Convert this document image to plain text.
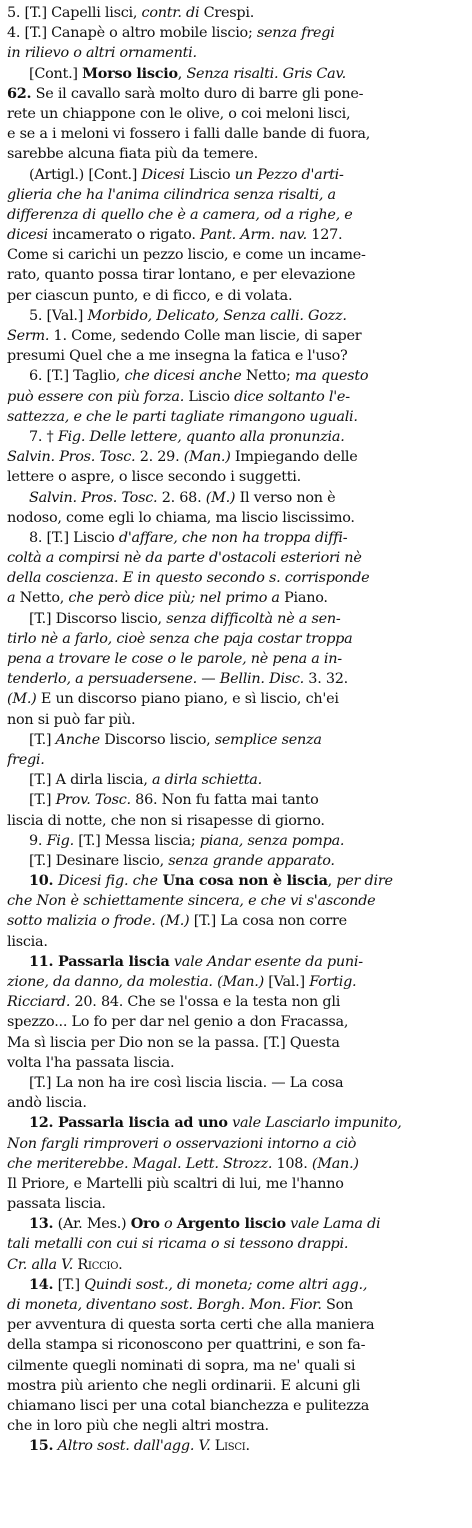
5. [T.] Capelli lisci, contr. di Crespi.
4. [T.] Canapè o altro mobile liscio; senza fregi
in rilievo o altri ornamenti.
[Cont.] Morso liscio, Senza risalti. Gris Cav.
62. Se il cavallo sarà molto duro di barre gli pone-
rete un chiappone con le olive, o coi meloni lisci,
e se a i meloni vi fossero i falli dalle bande di fuora,
sarebbe alcuna fiata più da temere.
(Artigl.) [Cont.] Dicesi Liscio un Pezzo d'arti-
glieria che ha l'anima cilindrica senza risalti, a
differenza di quello che è a camera, od a righe, e
dicesi incamerato o rigato. Pant. Arm. nav. 127.
Come si carichi un pezzo liscio, e come un incame-
rato, quanto possa tirar lontano, e per elevazione
per ciascun punto, e di ficco, e di volata.
5. [Val.] Morbido, Delicato, Senza calli. Gozz.
Serm. 1. Come, sedendo Colle man liscie, di saper
presumi Quel che a me insegna la fatica e l'uso?
6. [T.] Taglio, che dicesi anche Netto; ma questo
può essere con più forza. Liscio dice soltanto l'e-
sattezza, e che le parti tagliate rimangono uguali.
7. † Fig. Delle lettere, quanto alla pronunzia.
Salvin. Pros. Tosc. 2. 29. (Man.) Impiegando delle
lettere o aspre, o lisce secondo i suggetti.
Salvin. Pros. Tosc. 2. 68. (M.) Il verso non è
nodoso, come egli lo chiama, ma liscio liscissimo.
8. [T.] Liscio d'affare, che non ha troppa diffi-
coltà a compirsi nè da parte d'ostacoli esteriori nè
della coscienza. E in questo secondo s. corrisponde
a Netto, che però dice più; nel primo a Piano.
[T.] Discorso liscio, senza difficoltà nè a sen-
tirlo nè a farlo, cioè senza che paja costar troppa
pena a trovare le cose o le parole, nè pena a in-
tenderlo, a persuadersene. — Bellin. Disc. 3. 32.
(M.) E un discorso piano piano, e sì liscio, ch'ei
non si può far più.
[T.] Anche Discorso liscio, semplice senza
fregi.
[T.] A dirla liscia, a dirla schietta.
[T.] Prov. Tosc. 86. Non fu fatta mai tanto
liscia di notte, che non si risapesse di giorno.
9. Fig. [T.] Messa liscia; piana, senza pompa.
[T.] Desinare liscio, senza grande apparato.
10. Dicesi fig. che Una cosa non è liscia, per dire
che Non è schiettamente sincera, e che vi s'asconde
sotto malizia o frode. (M.) [T.] La cosa non corre
liscia.
11. Passarla liscia vale Andar esente da puni-
zione, da danno, da molestia. (Man.) [Val.] Fortig.
Ricciard. 20. 84. Che se l'ossa e la testa non gli
spezzo... Lo fo per dar nel genio a don Fracassa,
Ma sì liscia per Dio non se la passa. [T.] Questa
volta l'ha passata liscia.
[T.] La non ha ire così liscia liscia. — La cosa
andò liscia.
12. Passarla liscia ad uno vale Lasciarlo impunito,
Non fargli rimproveri o osservazioni intorno a ciò
che meriterebbe. Magal. Lett. Strozz. 108. (Man.)
Il Priore, e Martelli più scaltri di lui, me l'hanno
passata liscia.
13. (Ar. Mes.) Oro o Argento liscio vale Lama di
tali metalli con cui si ricama o si tessono drappi.
Cr. alla V. Riccio.
14. [T.] Quindi sost., di moneta; come altri agg.,
di moneta, diventano sost. Borgh. Mon. Fior. Son
per avventura di questa sorta certi che alla maniera
della stampa si riconoscono per quattrini, e son fa-
cilmente quegli nominati di sopra, ma ne' quali si
mostra più ariento che negli ordinarii. E alcuni gli
chiamano lisci per una cotal bianchezza e pulitezza
che in loro più che negli altri mostra.
15. Altro sost. dall'agg. V. Lisci.
